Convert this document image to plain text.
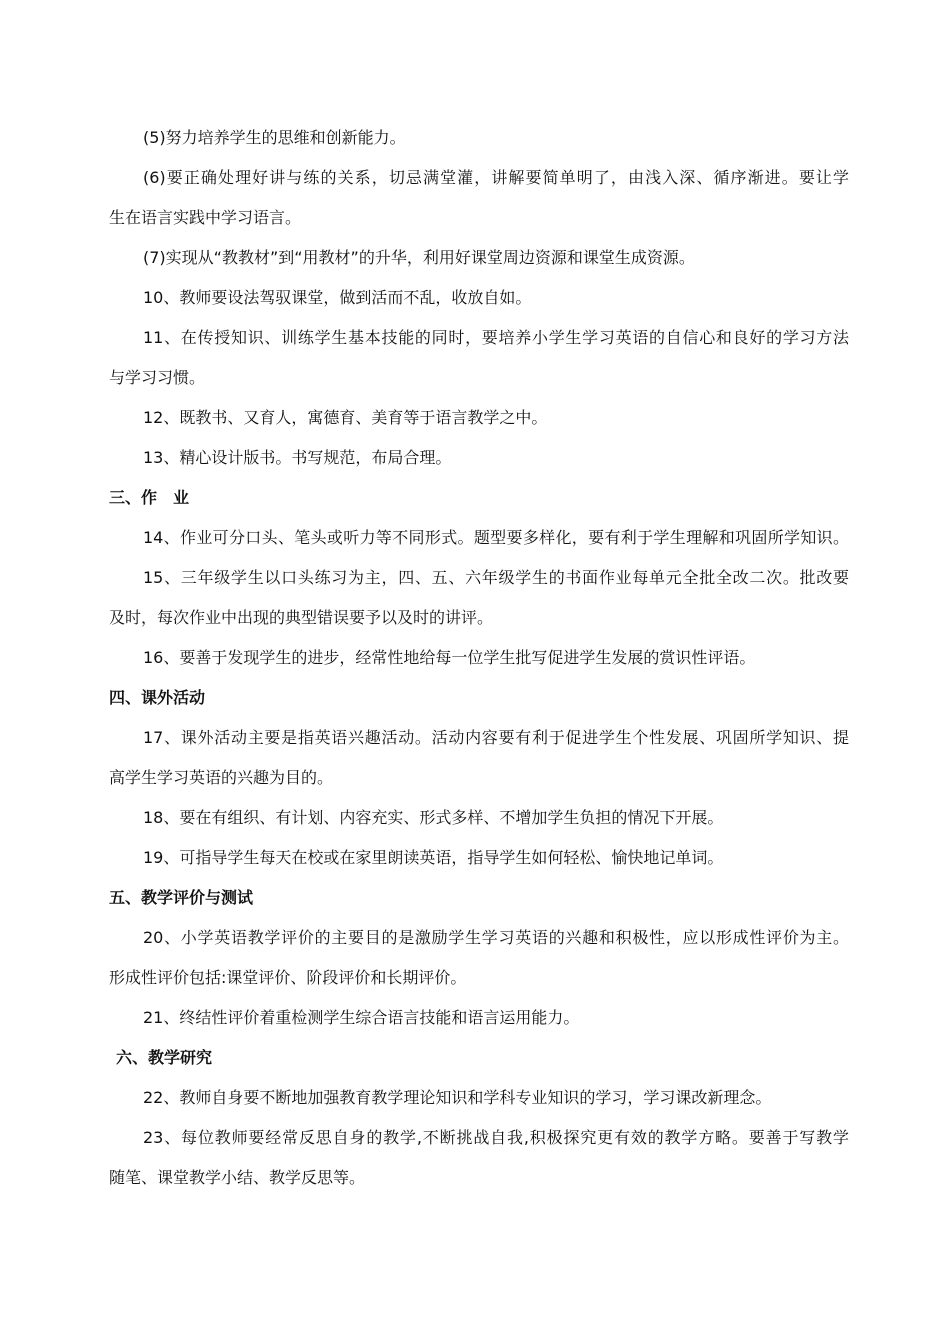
(5)努力培养学生的思维和创新能力。
(6)要正确处理好讲与练的关系，切忌满堂灌，讲解要简单明了，由浅入深、循序渐进。要让学
生在语言实践中学习语言。
(7)实现从“教教材”到“用教材”的升华，利用好课堂周边资源和课堂生成资源。
10、教师要设法驾驭课堂，做到活而不乱，收放自如。
11、在传授知识、训练学生基本技能的同时，要培养小学生学习英语的自信心和良好的学习方法
与学习习惯。
12、既教书、又育人，寓德育、美育等于语言教学之中。
13、精心设计版书。书写规范，布局合理。
三、作　业
14、作业可分口头、笔头或听力等不同形式。题型要多样化，要有利于学生理解和巩固所学知识。
15、三年级学生以口头练习为主，四、五、六年级学生的书面作业每单元全批全改二次。批改要
及时，每次作业中出现的典型错误要予以及时的讲评。
16、要善于发现学生的进步，经常性地给每一位学生批写促进学生发展的赏识性评语。
四、课外活动
17、课外活动主要是指英语兴趣活动。活动内容要有利于促进学生个性发展、巩固所学知识、提
高学生学习英语的兴趣为目的。
18、要在有组织、有计划、内容充实、形式多样、不增加学生负担的情况下开展。
19、可指导学生每天在校或在家里朗读英语，指导学生如何轻松、愉快地记单词。
五、教学评价与测试
20、小学英语教学评价的主要目的是激励学生学习英语的兴趣和积极性，应以形成性评价为主。
形成性评价包括:课堂评价、阶段评价和长期评价。
21、终结性评价着重检测学生综合语言技能和语言运用能力。
六、教学研究
22、教师自身要不断地加强教育教学理论知识和学科专业知识的学习，学习课改新理念。
23、每位教师要经常反思自身的教学,不断挑战自我,积极探究更有效的教学方略。要善于写教学
随笔、课堂教学小结、教学反思等。
